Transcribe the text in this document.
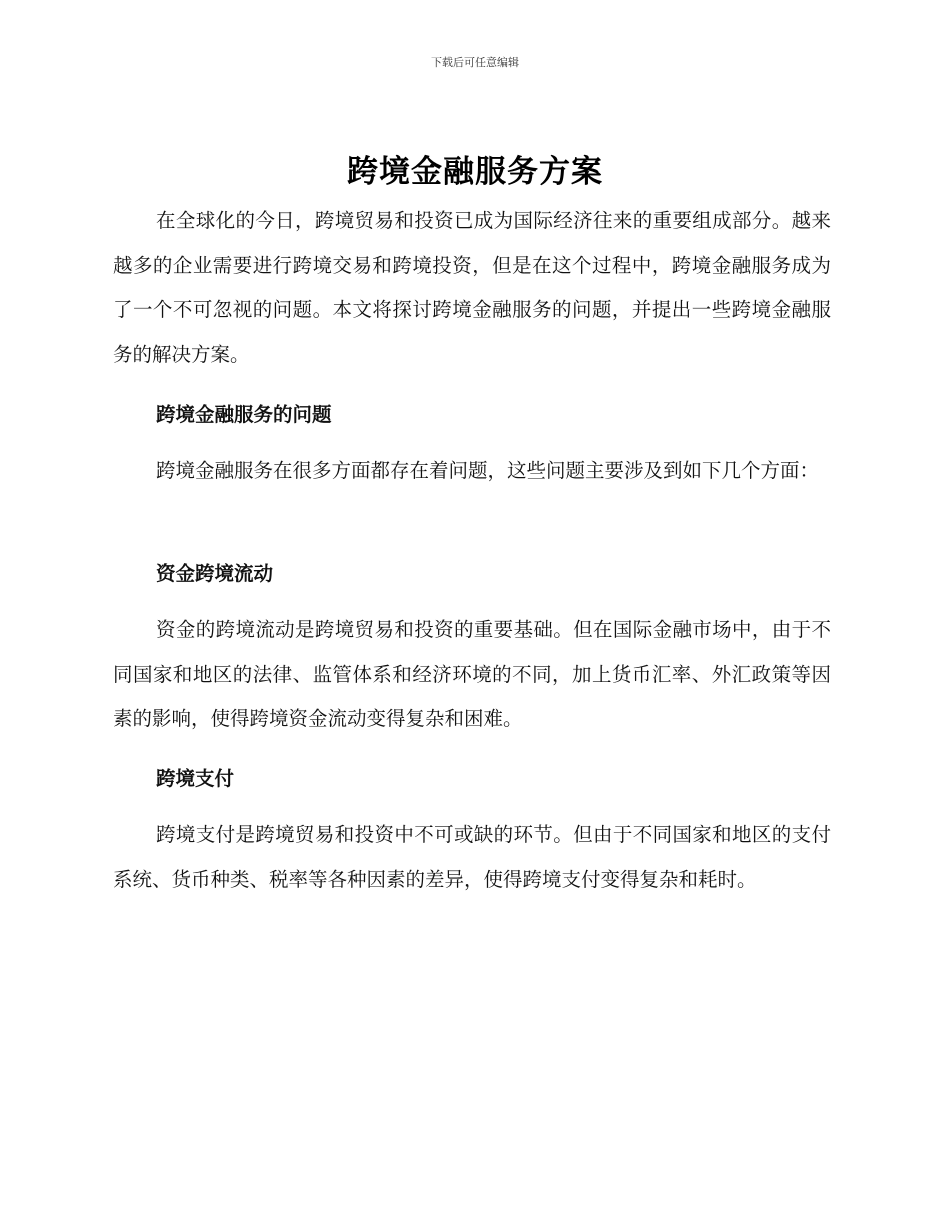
下载后可任意编辑
跨境金融服务方案

在全球化的今日，跨境贸易和投资已成为国际经济往来的重要组成部分。越来越多的企业需要进行跨境交易和跨境投资，但是在这个过程中，跨境金融服务成为了一个不可忽视的问题。本文将探讨跨境金融服务的问题，并提出一些跨境金融服务的解决方案。

跨境金融服务的问题

跨境金融服务在很多方面都存在着问题，这些问题主要涉及到如下几个方面：

资金跨境流动

资金的跨境流动是跨境贸易和投资的重要基础。但在国际金融市场中，由于不同国家和地区的法律、监管体系和经济环境的不同，加上货币汇率、外汇政策等因素的影响，使得跨境资金流动变得复杂和困难。

跨境支付

跨境支付是跨境贸易和投资中不可或缺的环节。但由于不同国家和地区的支付系统、货币种类、税率等各种因素的差异，使得跨境支付变得复杂和耗时。
